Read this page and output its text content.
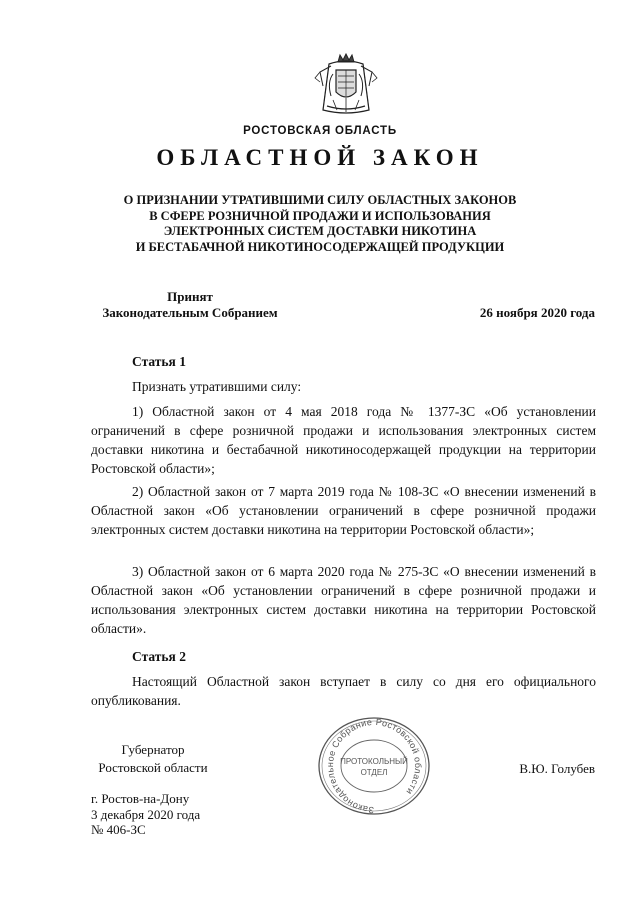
РОСТОВСКАЯ ОБЛАСТЬ
ОБЛАСТНОЙ ЗАКОН
О ПРИЗНАНИИ УТРАТИВШИМИ СИЛУ ОБЛАСТНЫХ ЗАКОНОВ
В СФЕРЕ РОЗНИЧНОЙ ПРОДАЖИ И ИСПОЛЬЗОВАНИЯ
ЭЛЕКТРОННЫХ СИСТЕМ ДОСТАВКИ НИКОТИНА
И БЕСТАБАЧНОЙ НИКОТИНОСОДЕРЖАЩЕЙ ПРОДУКЦИИ
Принят
Законодательным Собранием	26 ноября 2020 года
Статья 1
Признать утратившими силу:
1) Областной закон от 4 мая 2018 года № 1377-ЗС «Об установлении ограничений в сфере розничной продажи и использования электронных систем доставки никотина и бестабачной никотиносодержащей продукции на территории Ростовской области»;
2) Областной закон от 7 марта 2019 года № 108-ЗС «О внесении изменений в Областной закон «Об установлении ограничений в сфере розничной продажи электронных систем доставки никотина на территории Ростовской области»;
3) Областной закон от 6 марта 2020 года № 275-ЗС «О внесении изменений в Областной закон «Об установлении ограничений в сфере розничной продажи и использования электронных систем доставки никотина на территории Ростовской области».
Статья 2
Настоящий Областной закон вступает в силу со дня его официального опубликования.
Губернатор
Ростовской области	В.Ю. Голубев
г. Ростов-на-Дону
3 декабря 2020 года
№ 406-ЗС
Законодательное Собрание Ростовской области
ПРОТОКОЛЬНЫЙ
ОТДЕЛ
